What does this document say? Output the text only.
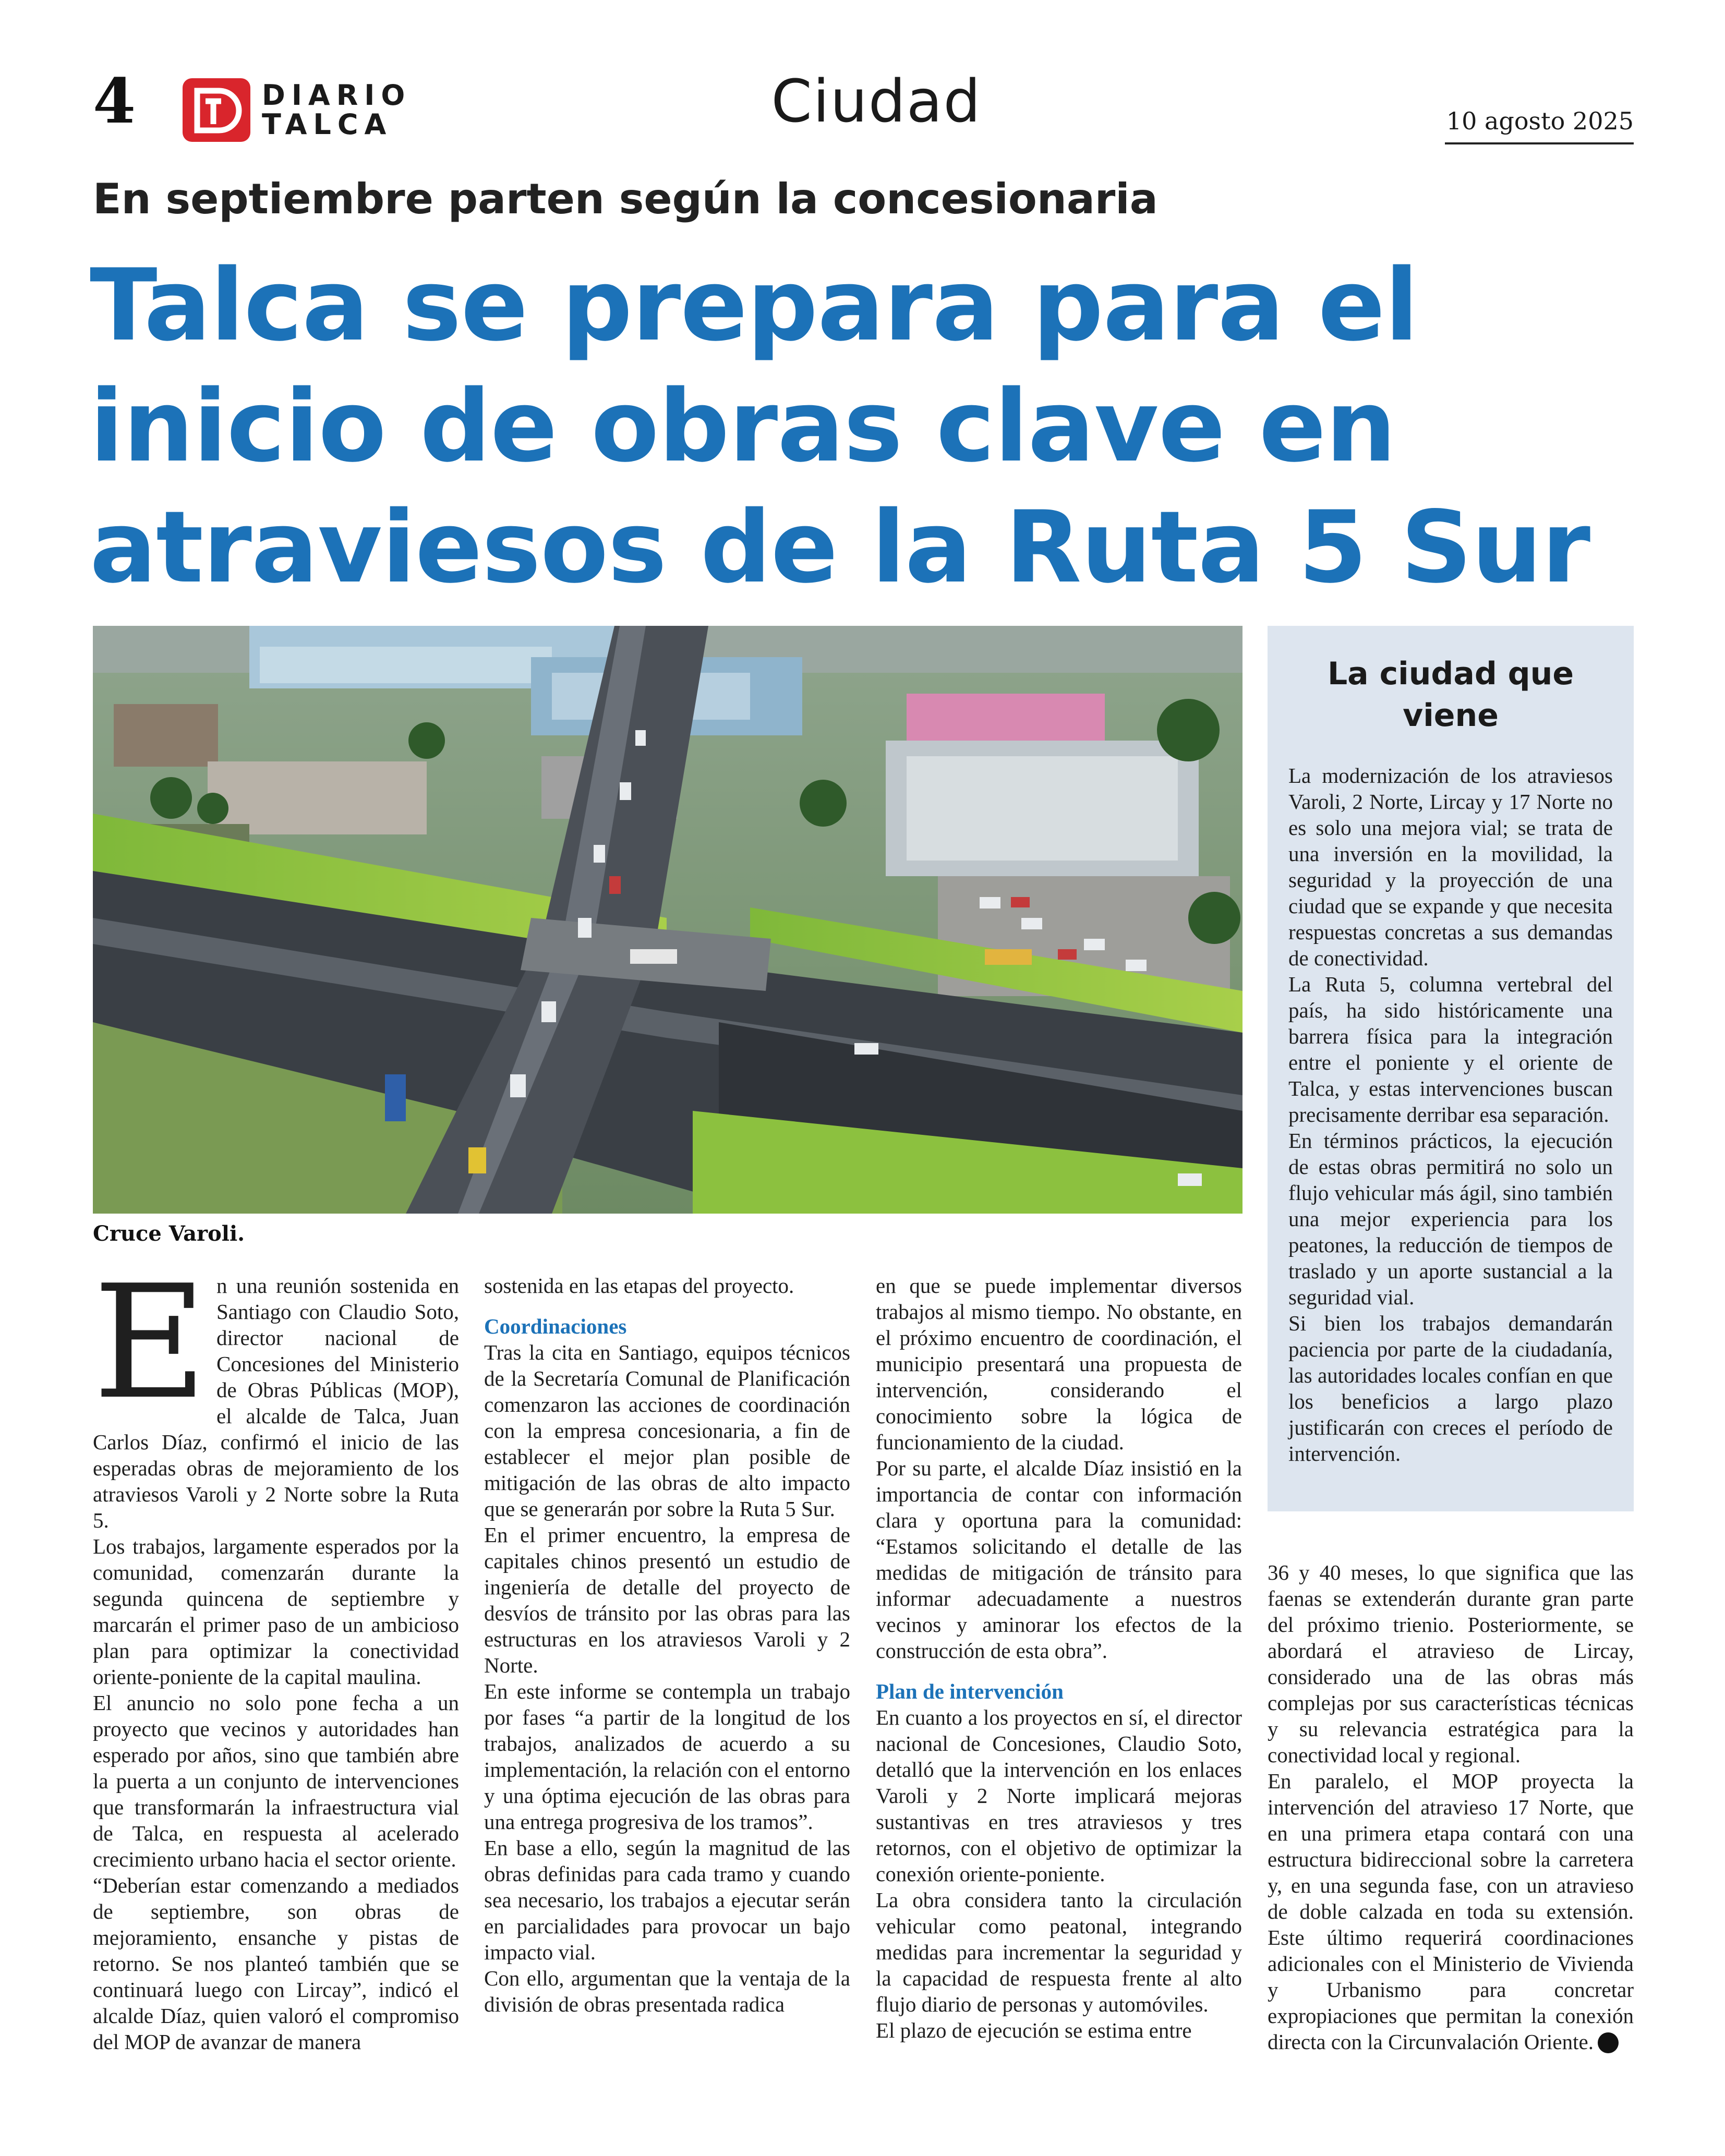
4	DIARIO
TALCA	Ciudad	10 agosto 2025
En septiembre parten según la concesionaria
Talca se prepara para el inicio de obras clave en atraviesos de la Ruta 5 Sur
Cruce Varoli.
La ciudad que viene

La modernización de los atraviesos Varoli, 2 Norte, Lircay y 17 Norte no es solo una mejora vial; se trata de una inversión en la movilidad, la seguridad y la proyección de una ciudad que se expande y que necesita respuestas concretas a sus demandas de conectividad.

La Ruta 5, columna vertebral del país, ha sido históricamente una barrera física para la integración entre el poniente y el oriente de Talca, y estas intervenciones buscan precisamente derribar esa separación.

En términos prácticos, la ejecución de estas obras permitirá no solo un flujo vehicular más ágil, sino también una mejor experiencia para los peatones, la reducción de tiempos de traslado y un aporte sustancial a la seguridad vial.

Si bien los trabajos demandarán paciencia por parte de la ciudadanía, las autoridades locales confían en que los beneficios a largo plazo justificarán con creces el período de intervención.

E n una reunión sostenida en Santiago con Claudio Soto, director nacional de Concesiones del Ministerio de Obras Públicas (MOP), el alcalde de Talca, Juan Carlos Díaz, confirmó el inicio de las esperadas obras de mejoramiento de los atraviesos Varoli y 2 Norte sobre la Ruta 5.

Los trabajos, largamente esperados por la comunidad, comenzarán durante la segunda quincena de septiembre y marcarán el primer paso de un ambicioso plan para optimizar la conectividad oriente-poniente de la capital maulina.

El anuncio no solo pone fecha a un proyecto que vecinos y autoridades han esperado por años, sino que también abre la puerta a un conjunto de intervenciones que transformarán la infraestructura vial de Talca, en respuesta al acelerado crecimiento urbano hacia el sector oriente.

“Deberían estar comenzando a mediados de septiembre, son obras de mejoramiento, ensanche y pistas de retorno. Se nos planteó también que se continuará luego con Lircay”, indicó el alcalde Díaz, quien valoró el compromiso del MOP de avanzar de manera

sostenida en las etapas del proyecto.

Coordinaciones

Tras la cita en Santiago, equipos técnicos de la Secretaría Comunal de Planificación comenzaron las acciones de coordinación con la empresa concesionaria, a fin de establecer el mejor plan posible de mitigación de las obras de alto impacto que se generarán por sobre la Ruta 5 Sur.

En el primer encuentro, la empresa de capitales chinos presentó un estudio de ingeniería de detalle del proyecto de desvíos de tránsito por las obras para las estructuras en los atraviesos Varoli y 2 Norte.

En este informe se contempla un trabajo por fases “a partir de la longitud de los trabajos, analizados de acuerdo a su implementación, la relación con el entorno y una óptima ejecución de las obras para una entrega progresiva de los tramos”.

En base a ello, según la magnitud de las obras definidas para cada tramo y cuando sea necesario, los trabajos a ejecutar serán en parcialidades para provocar un bajo impacto vial.

Con ello, argumentan que la ventaja de la división de obras presentada radica

en que se puede implementar diversos trabajos al mismo tiempo. No obstante, en el próximo encuentro de coordinación, el municipio presentará una propuesta de intervención, considerando el conocimiento sobre la lógica de funcionamiento de la ciudad.

Por su parte, el alcalde Díaz insistió en la importancia de contar con información clara y oportuna para la comunidad: “Estamos solicitando el detalle de las medidas de mitigación de tránsito para informar adecuadamente a nuestros vecinos y aminorar los efectos de la construcción de esta obra”.

Plan de intervención

En cuanto a los proyectos en sí, el director nacional de Concesiones, Claudio Soto, detalló que la intervención en los enlaces Varoli y 2 Norte implicará mejoras sustantivas en tres atraviesos y tres retornos, con el objetivo de optimizar la conexión oriente-poniente.

La obra considera tanto la circulación vehicular como peatonal, integrando medidas para incrementar la seguridad y la capacidad de respuesta frente al alto flujo diario de personas y automóviles.

El plazo de ejecución se estima entre

36 y 40 meses, lo que significa que las faenas se extenderán durante gran parte del próximo trienio. Posteriormente, se abordará el atravieso de Lircay, considerado una de las obras más complejas por sus características técnicas y su relevancia estratégica para la conectividad local y regional.

En paralelo, el MOP proyecta la intervención del atravieso 17 Norte, que en una primera etapa contará con una estructura bidireccional sobre la carretera y, en una segunda fase, con un atravieso de doble calzada en toda su extensión. Este último requerirá coordinaciones adicionales con el Ministerio de Vivienda y Urbanismo para concretar expropiaciones que permitan la conexión directa con la Circunvalación Oriente.
